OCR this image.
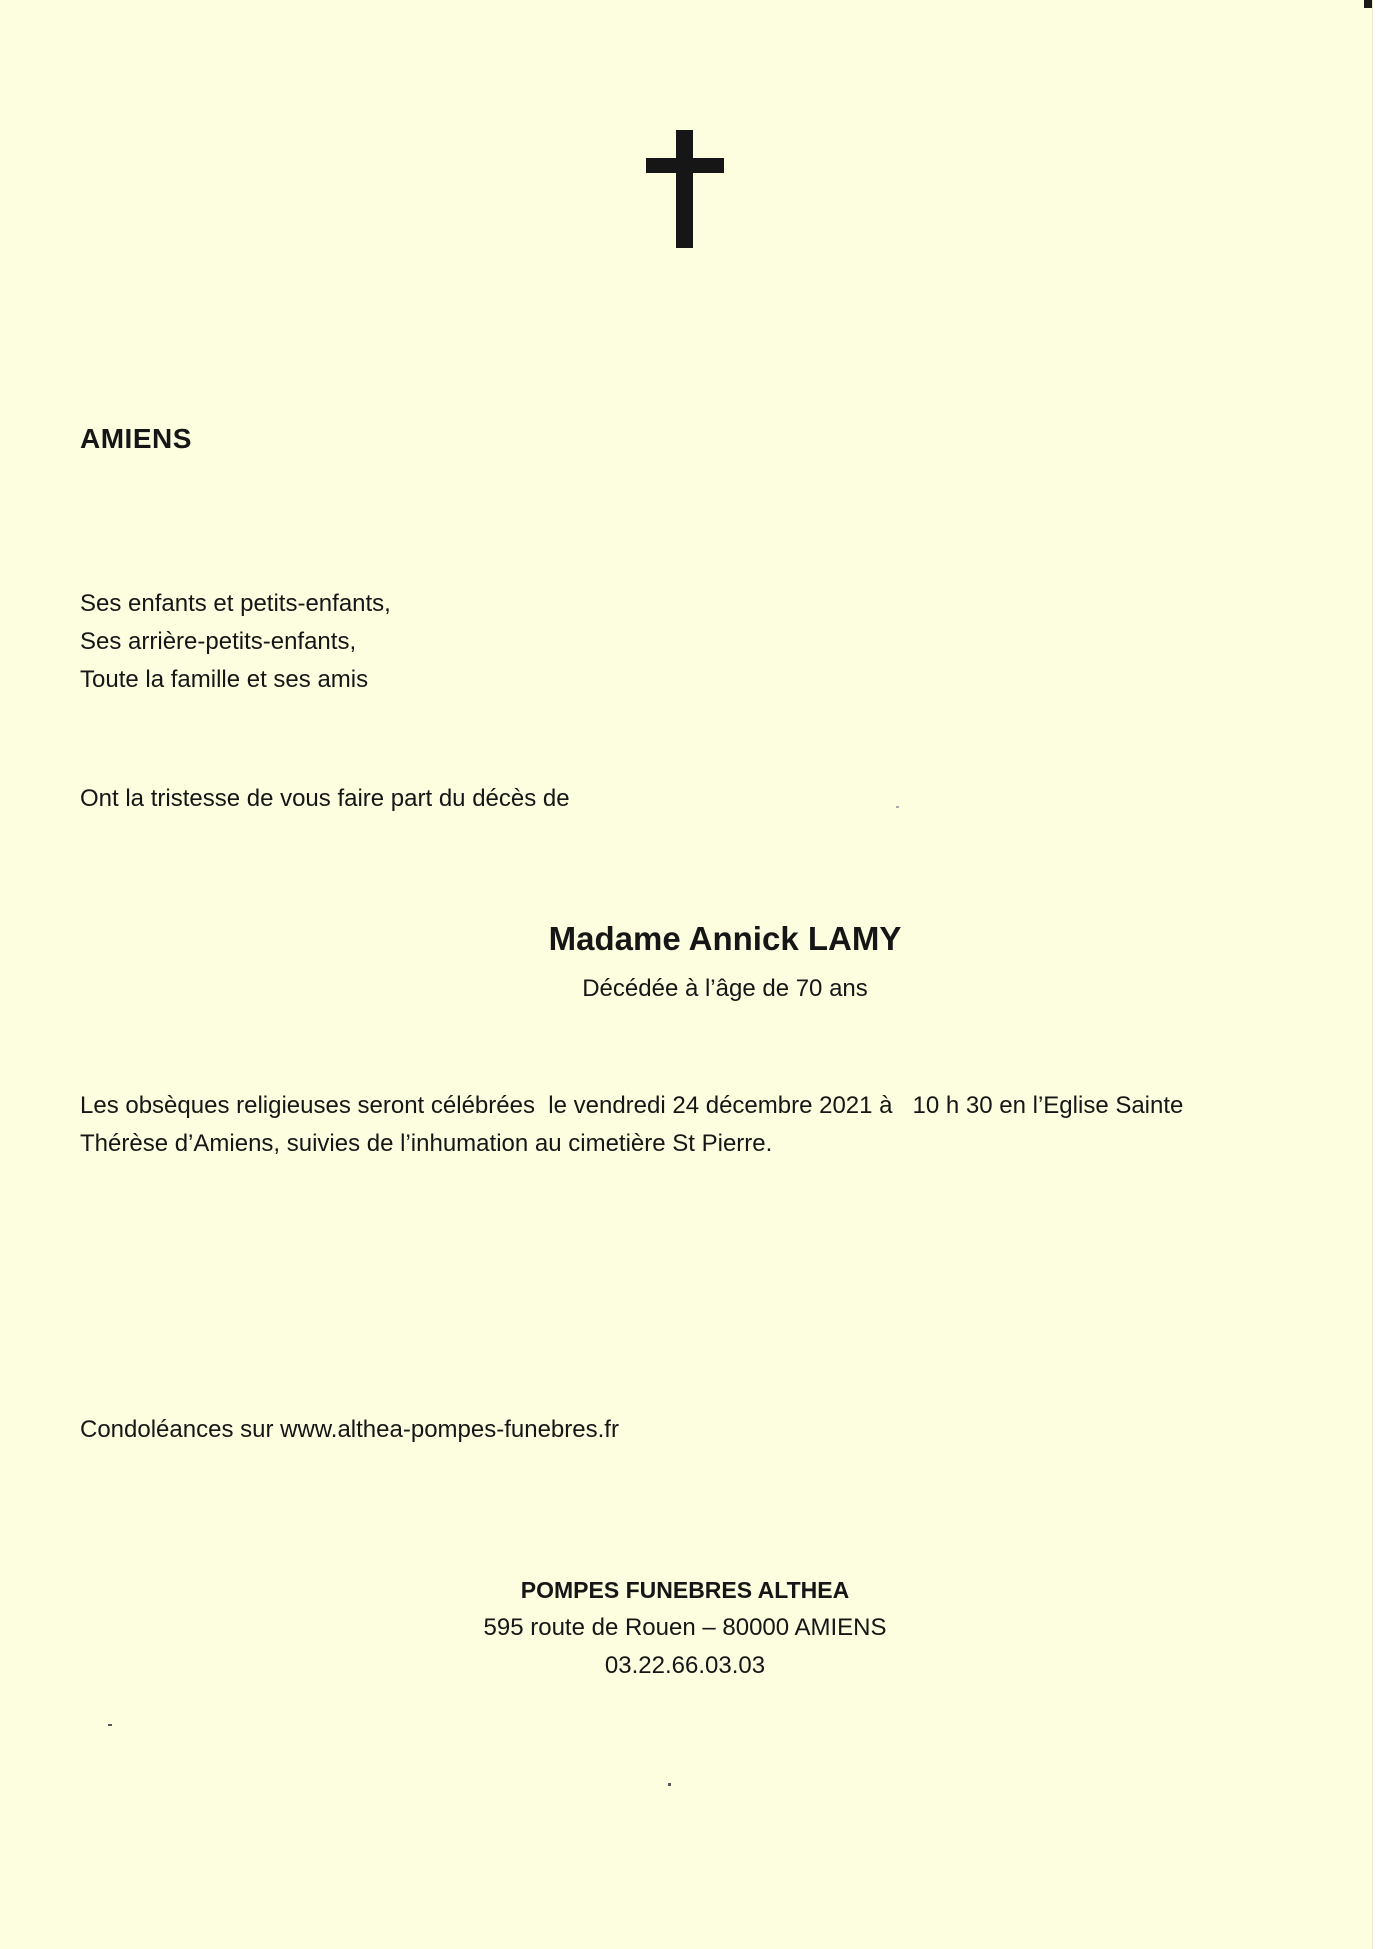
AMIENS
Ses enfants et petits-enfants,
Ses arrière-petits-enfants,
Toute la famille et ses amis
Ont la tristesse de vous faire part du décès de
Madame Annick LAMY
Décédée à l’âge de 70 ans
Les obsèques religieuses seront célébrées  le vendredi 24 décembre 2021 à   10 h 30 en l’Eglise Sainte
Thérèse d’Amiens, suivies de l’inhumation au cimetière St Pierre.
Condoléances sur www.althea-pompes-funebres.fr
POMPES FUNEBRES ALTHEA
595 route de Rouen – 80000 AMIENS
03.22.66.03.03
